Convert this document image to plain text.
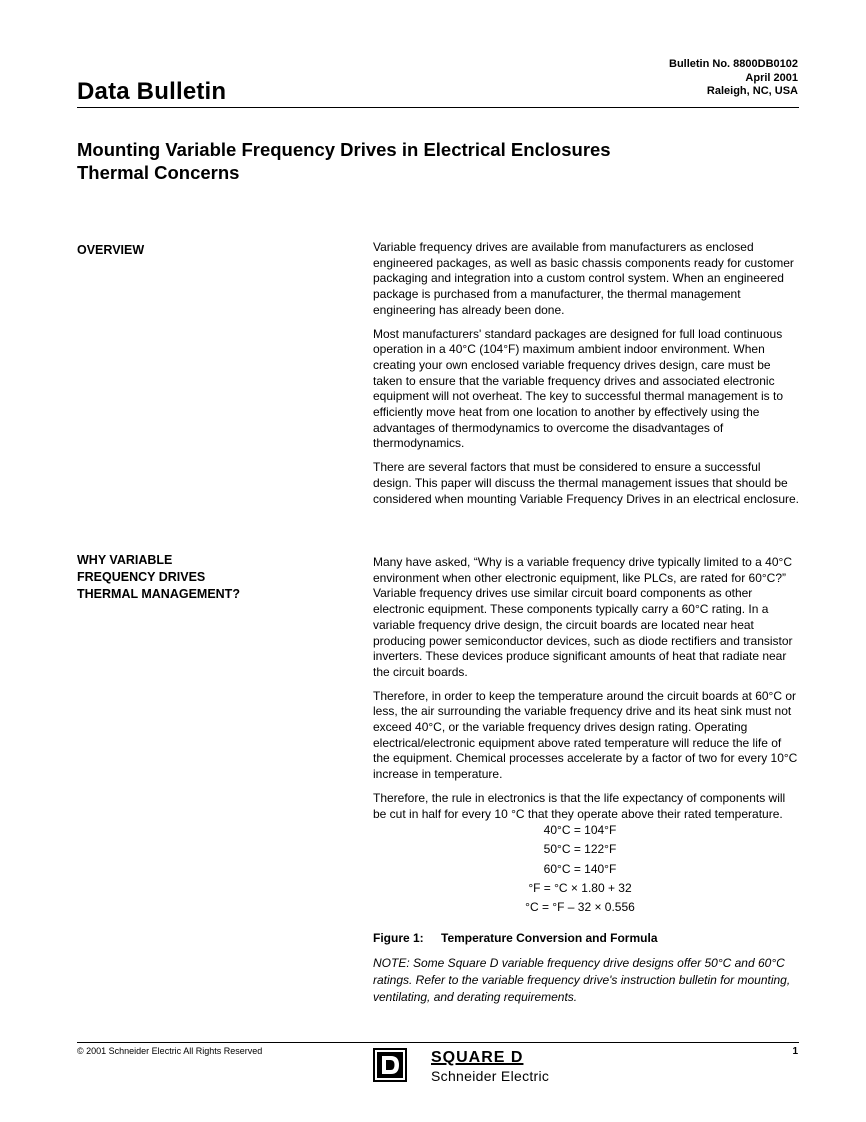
Bulletin No. 8800DB0102
April 2001
Raleigh, NC, USA
Data Bulletin
Mounting Variable Frequency Drives in Electrical Enclosures
Thermal Concerns
OVERVIEW	Variable frequency drives are available from manufacturers as enclosed engineered packages, as well as basic chassis components ready for customer packaging and integration into a custom control system. When an engineered package is purchased from a manufacturer, the thermal management engineering has already been done.

Most manufacturers' standard packages are designed for full load continuous operation in a 40°C (104°F) maximum ambient indoor environment. When creating your own enclosed variable frequency drives design, care must be taken to ensure that the variable frequency drives and associated electronic equipment will not overheat. The key to successful thermal management is to efficiently move heat from one location to another by effectively using the advantages of thermodynamics to overcome the disadvantages of thermodynamics.

There are several factors that must be considered to ensure a successful design. This paper will discuss the thermal management issues that should be considered when mounting Variable Frequency Drives in an electrical enclosure.

WHY VARIABLE
FREQUENCY DRIVES
THERMAL MANAGEMENT?

Many have asked, “Why is a variable frequency drive typically limited to a 40°C environment when other electronic equipment, like PLCs, are rated for 60°C?” Variable frequency drives use similar circuit board components as other electronic equipment. These components typically carry a 60°C rating. In a variable frequency drive design, the circuit boards are located near heat producing power semiconductor devices, such as diode rectifiers and transistor inverters. These devices produce significant amounts of heat that radiate near the circuit boards.

Therefore, in order to keep the temperature around the circuit boards at 60°C or less, the air surrounding the variable frequency drive and its heat sink must not exceed 40°C, or the variable frequency drives design rating. Operating electrical/electronic equipment above rated temperature will reduce the life of the equipment. Chemical processes accelerate by a factor of two for every 10°C increase in temperature.

Therefore, the rule in electronics is that the life expectancy of components will be cut in half for every 10 °C that they operate above their rated temperature.

40°C = 104°F
50°C = 122°F
60°C = 140°F
°F = °C × 1.80 + 32
°C = °F – 32 × 0.556
Figure 1: Temperature Conversion and Formula
NOTE: Some Square D variable frequency drive designs offer 50°C and 60°C ratings. Refer to the variable frequency drive's instruction bulletin for mounting, ventilating, and derating requirements.
© 2001 Schneider Electric All Rights Reserved	1
SQUARE D
Schneider Electric
